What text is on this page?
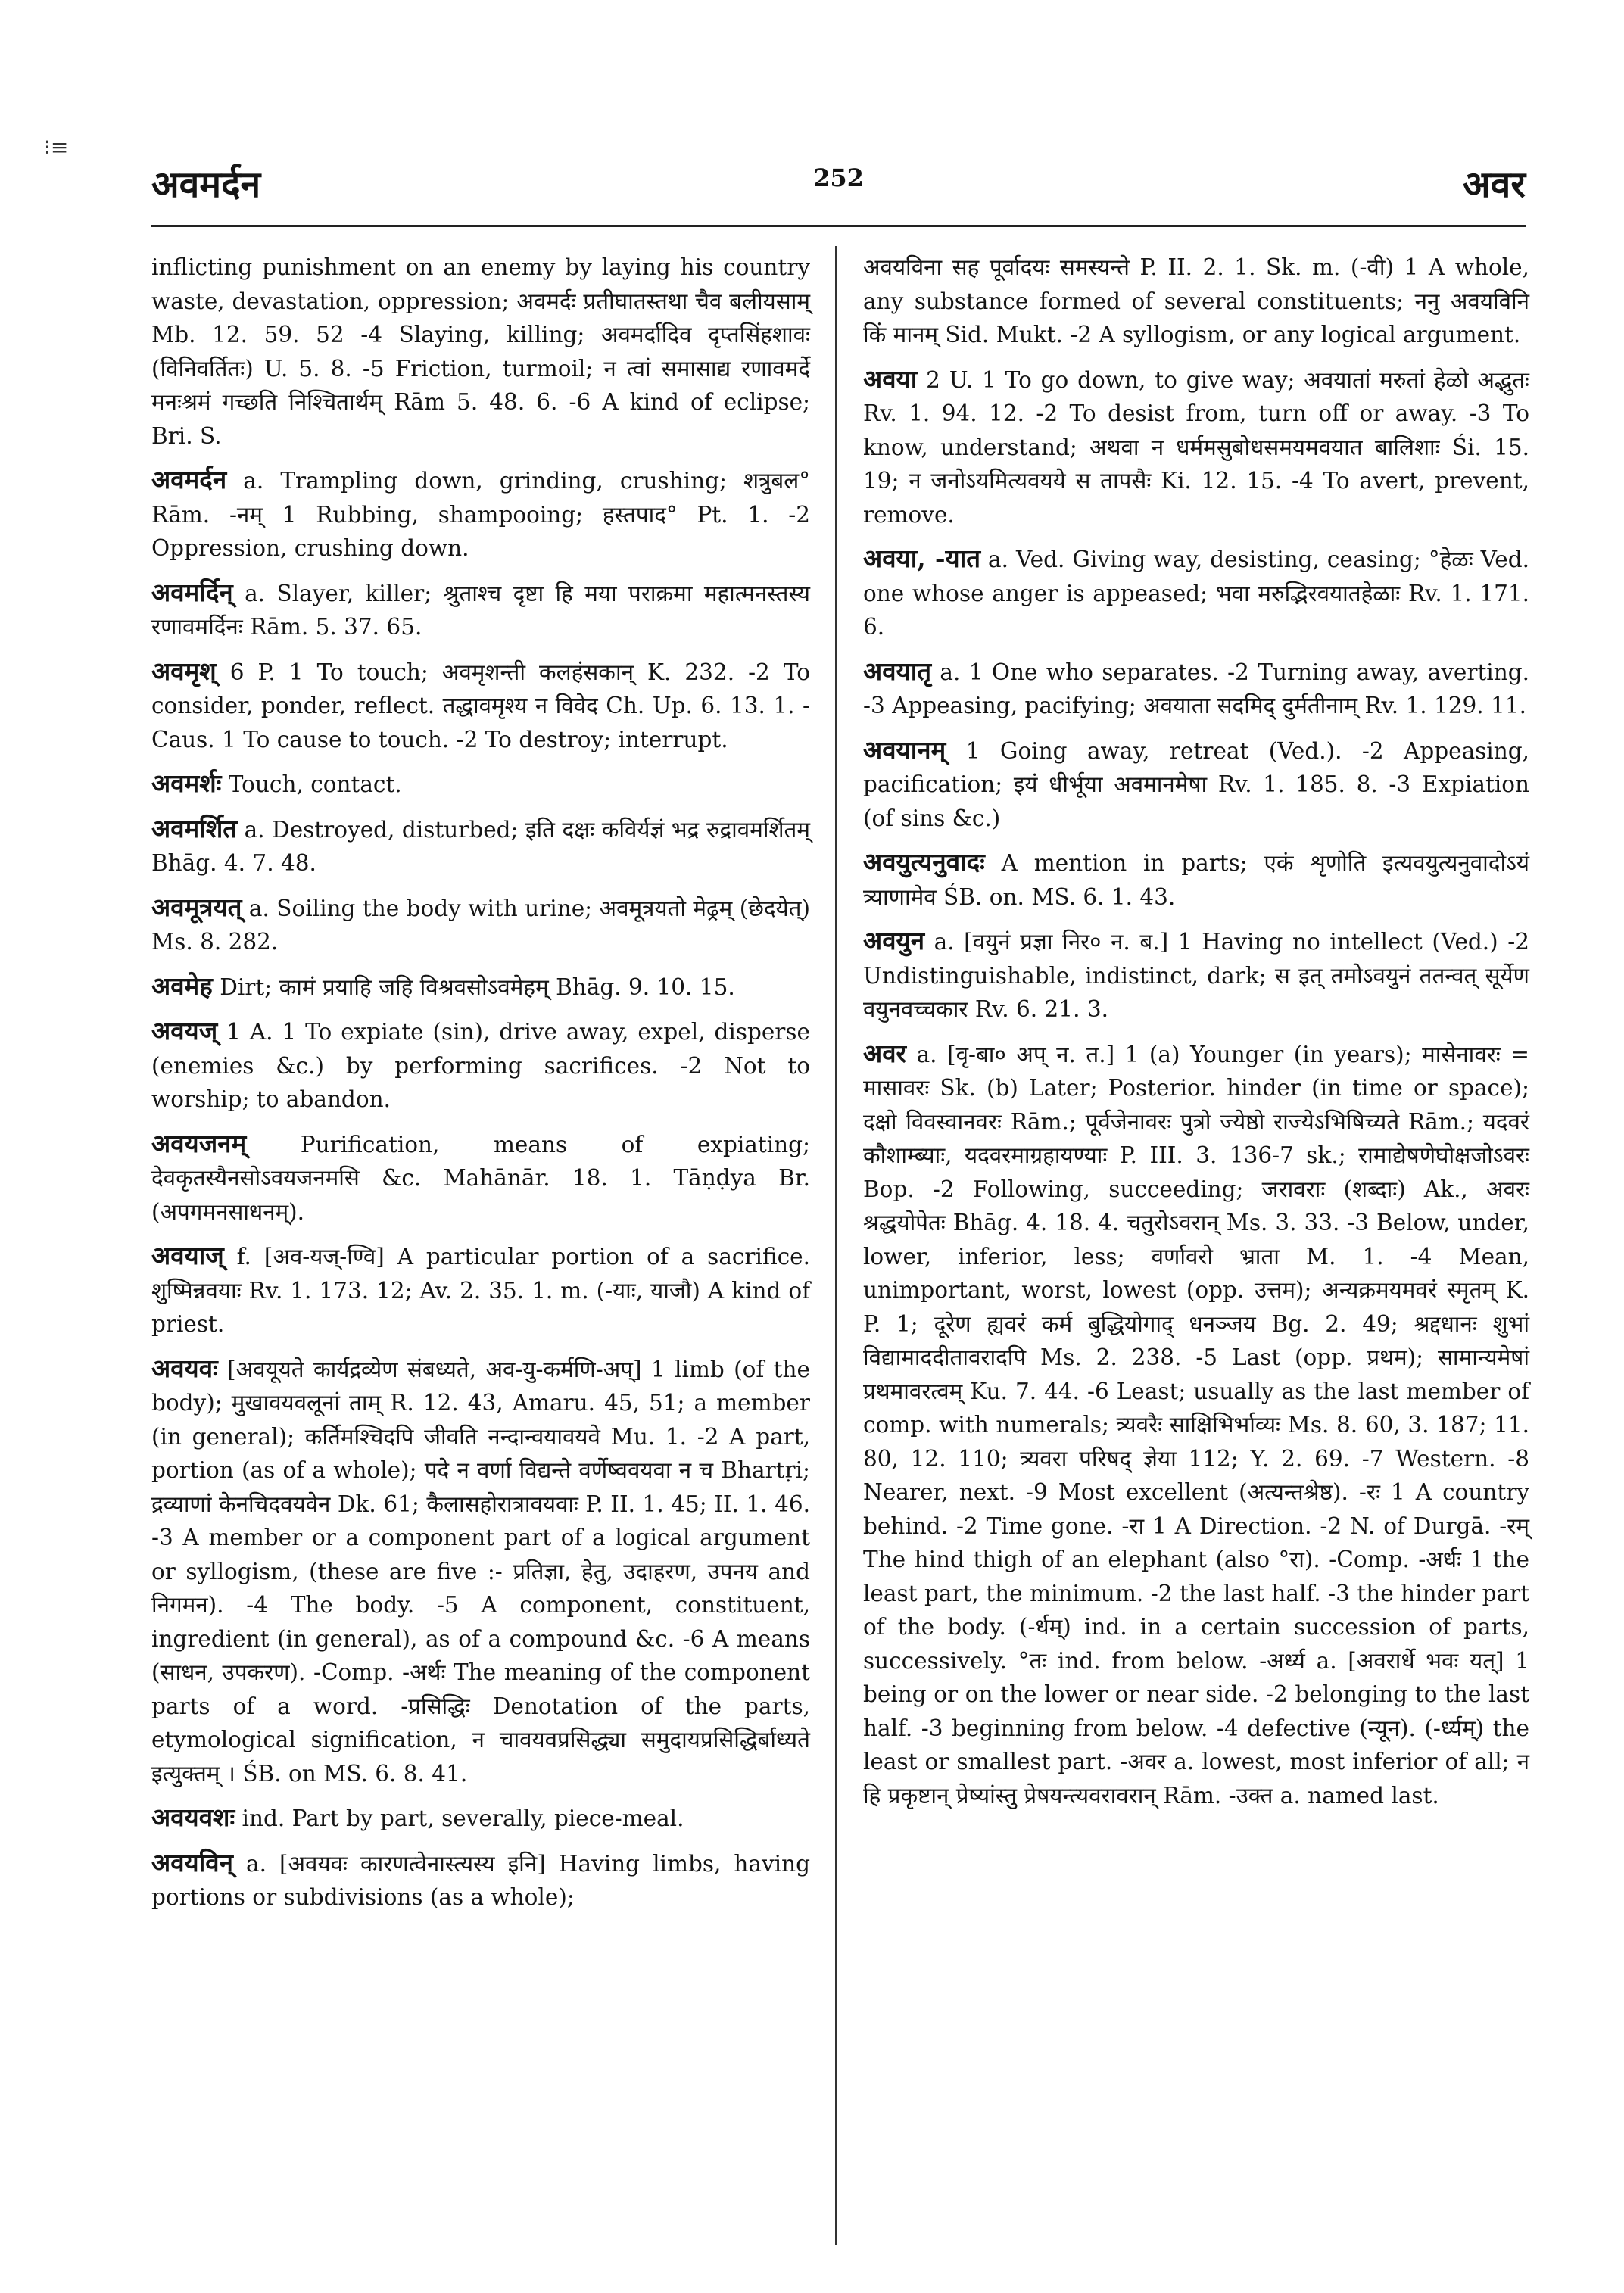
⁝≡
अवमर्दन	252	अवर

inflicting punishment on an enemy by laying his country waste, devastation, oppression; अवमर्दः प्रतीघातस्तथा चैव बलीयसाम् Mb. 12. 59. 52 -4 Slaying, killing; अवमर्दादिव दृप्तसिंहशावः (विनिवर्तितः) U. 5. 8. -5 Friction, turmoil; न त्वां समासाद्य रणावमर्दे मनःश्रमं गच्छति निश्चितार्थम् Rām 5. 48. 6. -6 A kind of eclipse; Bri. S.

अवमर्दन a. Trampling down, grinding, crushing; शत्रुबल° Rām. -नम् 1 Rubbing, shampooing; हस्तपाद° Pt. 1. -2 Oppression, crushing down.

अवमर्दिन् a. Slayer, killer; श्रुताश्च दृष्टा हि मया पराक्रमा महात्मनस्तस्य रणावमर्दिनः Rām. 5. 37. 65.

अवमृश् 6 P. 1 To touch; अवमृशन्ती कलहंसकान् K. 232. -2 To consider, ponder, reflect. तद्धावमृश्य न विवेद Ch. Up. 6. 13. 1. -Caus. 1 To cause to touch. -2 To destroy; interrupt.

अवमर्शः Touch, contact.

अवमर्शित a. Destroyed, disturbed; इति दक्षः कविर्यज्ञं भद्र रुद्रावमर्शितम् Bhāg. 4. 7. 48.

अवमूत्रयत् a. Soiling the body with urine; अवमूत्रयतो मेढ्रम् (छेदयेत्) Ms. 8. 282.

अवमेह Dirt; कामं प्रयाहि जहि विश्रवसोऽवमेहम् Bhāg. 9. 10. 15.

अवयज् 1 A. 1 To expiate (sin), drive away, expel, disperse (enemies &c.) by performing sacrifices. -2 Not to worship; to abandon.

अवयजनम् Purification, means of expiating; देवकृतस्यैनसोऽवयजनमसि &c. Mahānār. 18. 1. Tāṇḍya Br. (अपगमनसाधनम्).

अवयाज् f. [अव-यज्-ण्वि] A particular portion of a sacrifice. शुष्मिन्नवयाः Rv. 1. 173. 12; Av. 2. 35. 1. m. (-याः, याजौ) A kind of priest.

अवयवः [अवयूयते कार्यद्रव्येण संबध्यते, अव-यु-कर्मणि-अप्] 1 limb (of the body); मुखावयवलूनां ताम् R. 12. 43, Amaru. 45, 51; a member (in general); कर्तिमश्चिदपि जीवति नन्दान्वयावयवे Mu. 1. -2 A part, portion (as of a whole); पदे न वर्णा विद्यन्ते वर्णेष्ववयवा न च Bhartṛi; द्रव्याणां केनचिदवयवेन Dk. 61; कैलासहोरात्रावयवाः P. II. 1. 45; II. 1. 46. -3 A member or a component part of a logical argument or syllogism, (these are five :- प्रतिज्ञा, हेतु, उदाहरण, उपनय and निगमन). -4 The body. -5 A component, constituent, ingredient (in general), as of a compound &c. -6 A means (साधन, उपकरण). -Comp. -अर्थः The meaning of the component parts of a word. -प्रसिद्धिः Denotation of the parts, etymological signification, न चावयवप्रसिद्ध्या समुदायप्रसिद्धिर्बाध्यते इत्युक्तम् । ŚB. on MS. 6. 8. 41.

अवयवशः ind. Part by part, severally, piece-meal.

अवयविन् a. [अवयवः कारणत्वेनास्त्यस्य इनि] Having limbs, having portions or subdivisions (as a whole);

अवयविना सह पूर्वादयः समस्यन्ते P. II. 2. 1. Sk. m. (-वी) 1 A whole, any substance formed of several constituents; ननु अवयविनि किं मानम् Sid. Mukt. -2 A syllogism, or any logical argument.

अवया 2 U. 1 To go down, to give way; अवयातां मरुतां हेळो अद्भुतः Rv. 1. 94. 12. -2 To desist from, turn off or away. -3 To know, understand; अथवा न धर्ममसुबोधसमयमवयात बालिशाः Śi. 15. 19; न जनोऽयमित्यवयये स तापसैः Ki. 12. 15. -4 To avert, prevent, remove.

अवया, -यात a. Ved. Giving way, desisting, ceasing; °हेळः Ved. one whose anger is appeased; भवा मरुद्भिरवयातहेळाः Rv. 1. 171. 6.

अवयातृ a. 1 One who separates. -2 Turning away, averting. -3 Appeasing, pacifying; अवयाता सदमिद् दुर्मतीनाम् Rv. 1. 129. 11.

अवयानम् 1 Going away, retreat (Ved.). -2 Appeasing, pacification; इयं धीर्भूया अवमानमेषा Rv. 1. 185. 8. -3 Expiation (of sins &c.)

अवयुत्यनुवादः A mention in parts; एकं शृणोति इत्यवयुत्यनुवादोऽयं त्र्याणामेव ŚB. on. MS. 6. 1. 43.

अवयुन a. [वयुनं प्रज्ञा निर० न. ब.] 1 Having no intellect (Ved.) -2 Undistinguishable, indistinct, dark; स इत् तमोऽवयुनं ततन्वत् सूर्येण वयुनवच्चकार Rv. 6. 21. 3.

अवर a. [वृ-बा० अप् न. त.] 1 (a) Younger (in years); मासेनावरः = मासावरः Sk. (b) Later; Posterior. hinder (in time or space); दक्षो विवस्वानवरः Rām.; पूर्वजेनावरः पुत्रो ज्येष्ठो राज्येऽभिषिच्यते Rām.; यदवरं कौशाम्ब्याः, यदवरमाग्रहायण्याः P. III. 3. 136-7 sk.; रामाद्येषणेघोक्षजोऽवरः Bop. -2 Following, succeeding; जरावराः (शब्दाः) Ak., अवरः श्रद्धयोपेतः Bhāg. 4. 18. 4. चतुरोऽवरान् Ms. 3. 33. -3 Below, under, lower, inferior, less; वर्णावरो भ्राता M. 1. -4 Mean, unimportant, worst, lowest (opp. उत्तम); अन्यक्रमयमवरं स्मृतम् K. P. 1; दूरेण ह्यवरं कर्म बुद्धियोगाद् धनञ्जय Bg. 2. 49; श्रद्दधानः शुभां विद्यामाददीतावरादपि Ms. 2. 238. -5 Last (opp. प्रथम); सामान्यमेषां प्रथमावरत्वम् Ku. 7. 44. -6 Least; usually as the last member of comp. with numerals; त्र्यवरैः साक्षिभिर्भाव्यः Ms. 8. 60, 3. 187; 11. 80, 12. 110; त्र्यवरा परिषद् ज्ञेया 112; Y. 2. 69. -7 Western. -8 Nearer, next. -9 Most excellent (अत्यन्तश्रेष्ठ). -रः 1 A country behind. -2 Time gone. -रा 1 A Direction. -2 N. of Durgā. -रम् The hind thigh of an elephant (also °रा). -Comp. -अर्धः 1 the least part, the minimum. -2 the last half. -3 the hinder part of the body. (-र्धम्) ind. in a certain succession of parts, successively. °तः ind. from below. -अर्ध्य a. [अवरार्धे भवः यत्] 1 being or on the lower or near side. -2 belonging to the last half. -3 beginning from below. -4 defective (न्यून). (-र्ध्यम्) the least or smallest part. -अवर a. lowest, most inferior of all; न हि प्रकृष्टान् प्रेष्यांस्तु प्रेषयन्त्यवरावरान् Rām. -उक्त a. named last.
